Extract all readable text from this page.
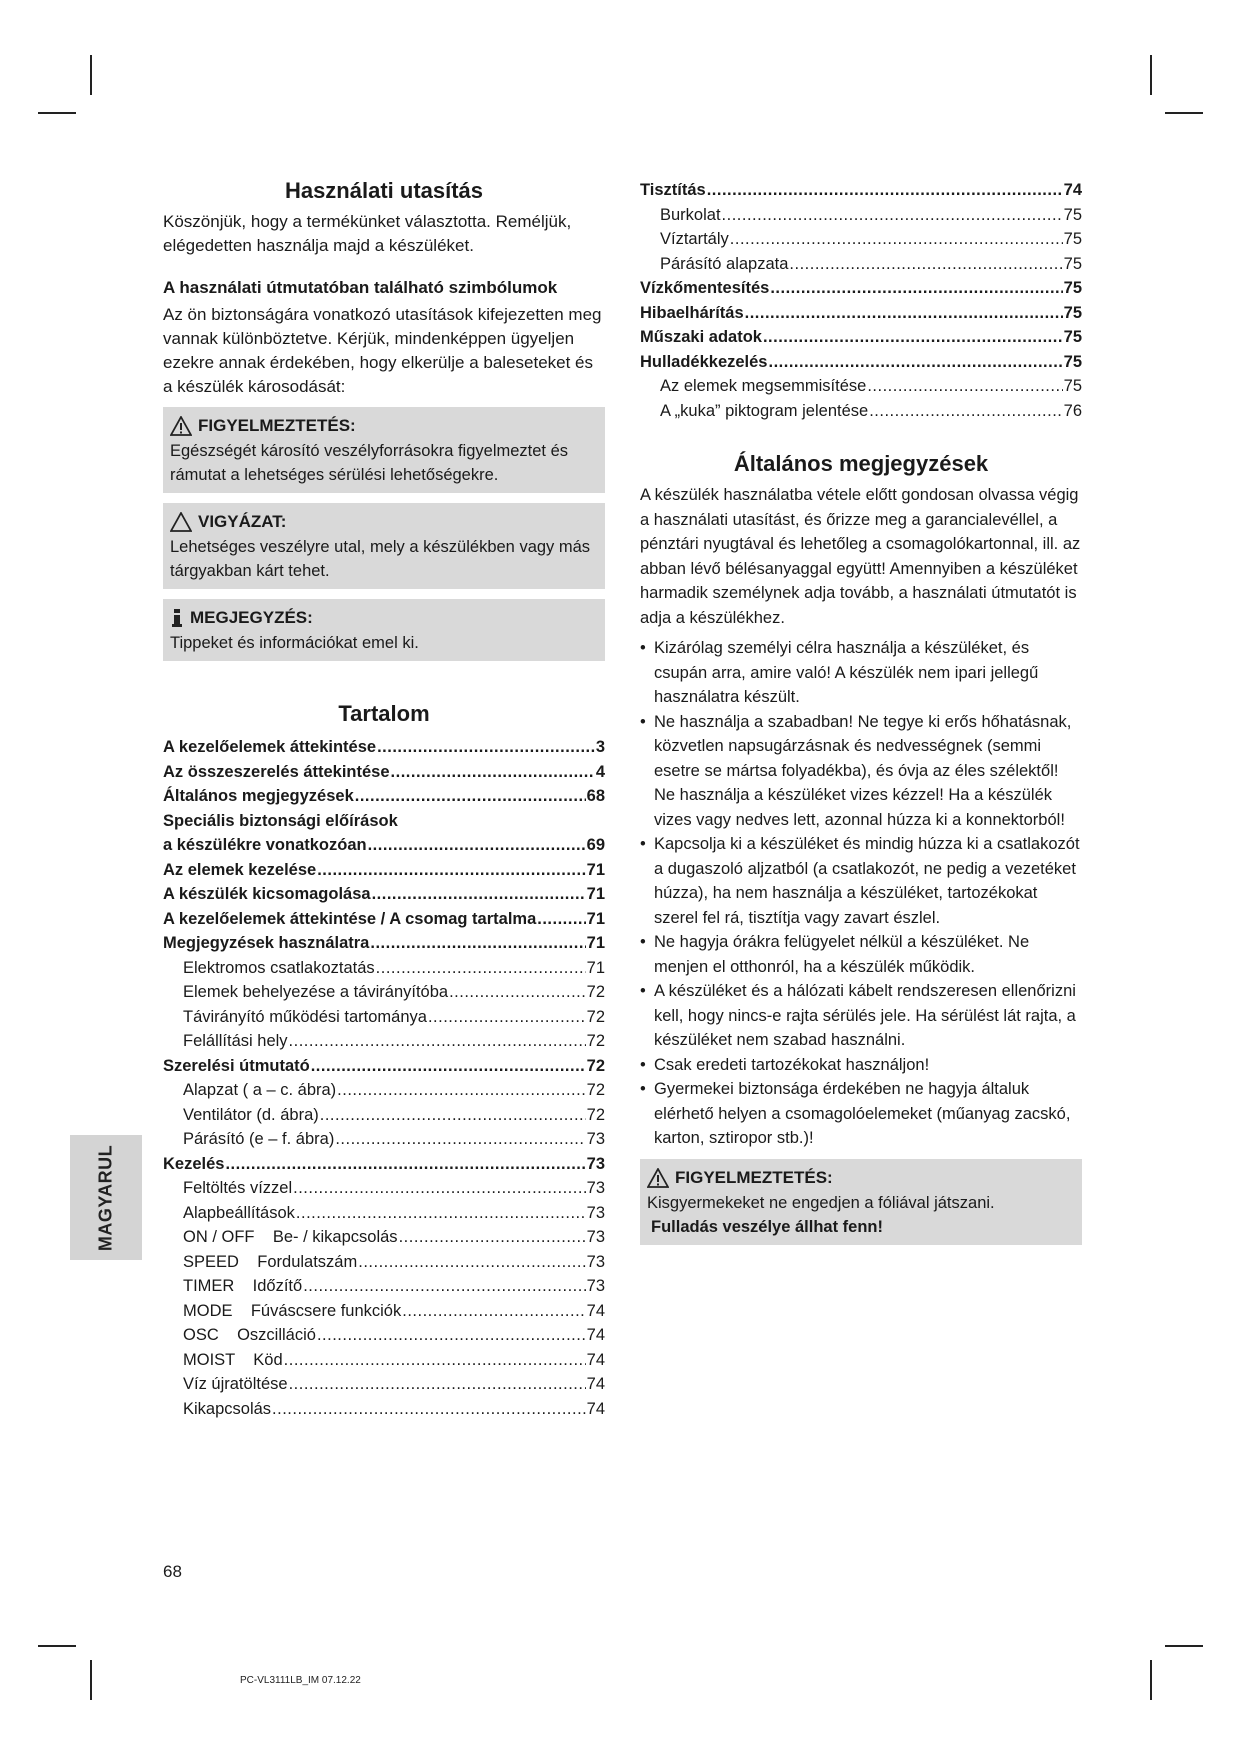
MAGYARUL
Használati utasítás

Köszönjük, hogy a termékünket választotta. Reméljük, elégedetten használja majd a készüléket.

A használati útmutatóban található szimbólumok

Az ön biztonságára vonatkozó utasítások kifejezetten meg vannak különböztetve. Kérjük, mindenképpen ügyeljen ezekre annak érdekében, hogy elkerülje a baleseteket és a készülék károsodását:

FIGYELMEZTETÉS:
Egészségét károsító veszélyforrásokra figyelmeztet és rámutat a lehetséges sérülési lehetőségekre.
VIGYÁZAT:
Lehetséges veszélyre utal, mely a készülékben vagy más tárgyakban kárt tehet.
MEGJEGYZÉS:
Tippeket és információkat emel ki.
Tartalom
A kezelőelemek áttekintése .....	3
Az összeszerelés áttekintése .....	4
Általános megjegyzések .....	68
Speciális biztonsági előírások
a készülékre vonatkozóan .....	69
Az elemek kezelése .....	71
A készülék kicsomagolása .....	71
A kezelőelemek áttekintése / A csomag tartalma .....	71
Megjegyzések használatra .....	71
Elektromos csatlakoztatás .....	71
Elemek behelyezése a távirányítóba .....	72
Távirányító működési tartománya .....	72
Felállítási hely .....	72
Szerelési útmutató .....	72
Alapzat ( a – c. ábra) .....	72
Ventilátor (d. ábra) .....	72
Párásító (e – f. ábra) .....	73
Kezelés .....	73
Feltöltés vízzel .....	73
Alapbeállítások .....	73
ON / OFF    Be- / kikapcsolás .....	73
SPEED    Fordulatszám .....	73
TIMER    Időzítő .....	73
MODE    Fúváscsere funkciók .....	74
OSC    Oszcilláció .....	74
MOIST    Köd .....	74
Víz újratöltése .....	74
Kikapcsolás .....	74
Tisztítás .....	74
Burkolat .....	75
Víztartály .....	75
Párásító alapzata .....	75
Vízkőmentesítés .....	75
Hibaelhárítás .....	75
Műszaki adatok .....	75
Hulladékkezelés .....	75
Az elemek megsemmisítése .....	75
A „kuka” piktogram jelentése .....	76
Általános megjegyzések

A készülék használatba vétele előtt gondosan olvassa végig a használati utasítást, és őrizze meg a garancialevéllel, a pénztári nyugtával és lehetőleg a csomagolókartonnal, ill. az abban lévő bélésanyaggal együtt! Amennyiben a készüléket harmadik személynek adja tovább, a használati útmutatót is adja a készülékhez.

• Kizárólag személyi célra használja a készüléket, és csupán arra, amire való! A készülék nem ipari jellegű használatra készült.
• Ne használja a szabadban! Ne tegye ki erős hőhatásnak, közvetlen napsugárzásnak és nedvességnek (semmi esetre se mártsa folyadékba), és óvja az éles szélektől! Ne használja a készüléket vizes kézzel! Ha a készülék vizes vagy nedves lett, azonnal húzza ki a konnektorból!
• Kapcsolja ki a készüléket és mindig húzza ki a csatlakozót a dugaszoló aljzatból (a csatlakozót, ne pedig a vezetéket húzza), ha nem használja a készüléket, tartozékokat szerel fel rá, tisztítja vagy zavart észlel.
• Ne hagyja órákra felügyelet nélkül a készüléket. Ne menjen el otthonról, ha a készülék működik.
• A készüléket és a hálózati kábelt rendszeresen ellenőrizni kell, hogy nincs-e rajta sérülés jele. Ha sérülést lát rajta, a készüléket nem szabad használni.
• Csak eredeti tartozékokat használjon!
• Gyermekei biztonsága érdekében ne hagyja általuk elérhető helyen a csomagolóelemeket (műanyag zacskó, karton, sztiropor stb.)!
FIGYELMEZTETÉS:
Kisgyermekeket ne engedjen a fóliával játszani.
Fulladás veszélye állhat fenn!
68
PC-VL3111LB_IM 07.12.22
